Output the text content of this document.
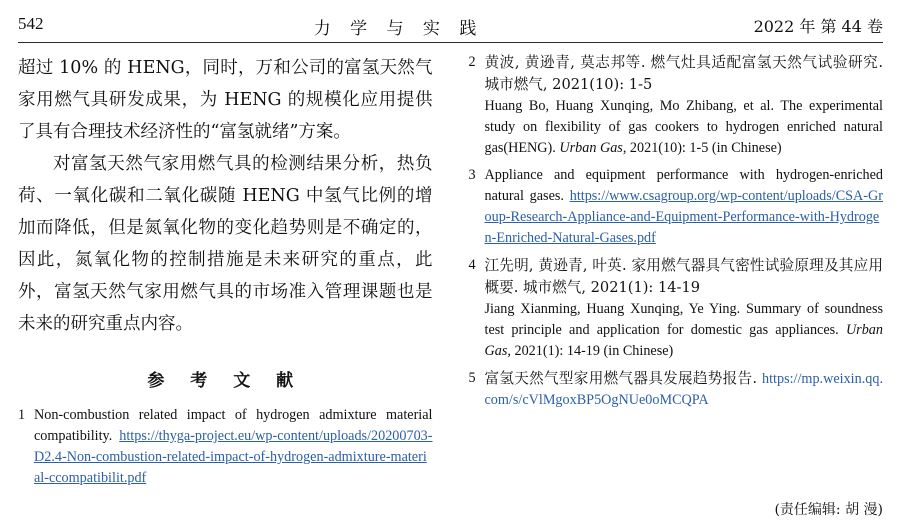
542	力 学 与 实 践	2022 年 第 44 卷

超过 10% 的 HENG，同时，万和公司的富氢天然气家用燃气具研发成果，为 HENG 的规模化应用提供了具有合理技术经济性的“富氢就绪”方案。

对富氢天然气家用燃气具的检测结果分析，热负荷、一氧化碳和二氧化碳随 HENG 中氢气比例的增加而降低，但是氮氧化物的变化趋势则是不确定的，因此，氮氧化物的控制措施是未来研究的重点，此外，富氢天然气家用燃气具的市场准入管理课题也是未来的研究重点内容。

参 考 文 献
1 Non-combustion related impact of hydrogen admixture material compatibility. https://thyga-project.eu/wp-content/uploads/20200703-D2.4-Non-combustion-related-impact-of-hydrogen-admixture-material-ccompatibilit.pdf
2 黄波, 黄逊青, 莫志邦等. 燃气灶具适配富氢天然气试验研究. 城市燃气, 2021(10): 1-5
Huang Bo, Huang Xunqing, Mo Zhibang, et al. The experimental study on flexibility of gas cookers to hydrogen enriched natural gas(HENG). Urban Gas, 2021(10): 1-5 (in Chinese)
3 Appliance and equipment performance with hydrogen-enriched natural gases. https://www.csagroup.org/wp-content/uploads/CSA-Group-Research-Appliance-and-Equipment-Performance-with-Hydrogen-Enriched-Natural-Gases.pdf
4 江先明, 黄逊青, 叶英. 家用燃气器具气密性试验原理及其应用概要. 城市燃气, 2021(1): 14-19
Jiang Xianming, Huang Xunqing, Ye Ying. Summary of soundness test principle and application for domestic gas appliances. Urban Gas, 2021(1): 14-19 (in Chinese)
5 富氢天然气型家用燃气器具发展趋势报告. https://mp.weixin.qq.com/s/cVlMgoxBP5OgNUe0oMCQPA
(责任编辑: 胡 漫)
